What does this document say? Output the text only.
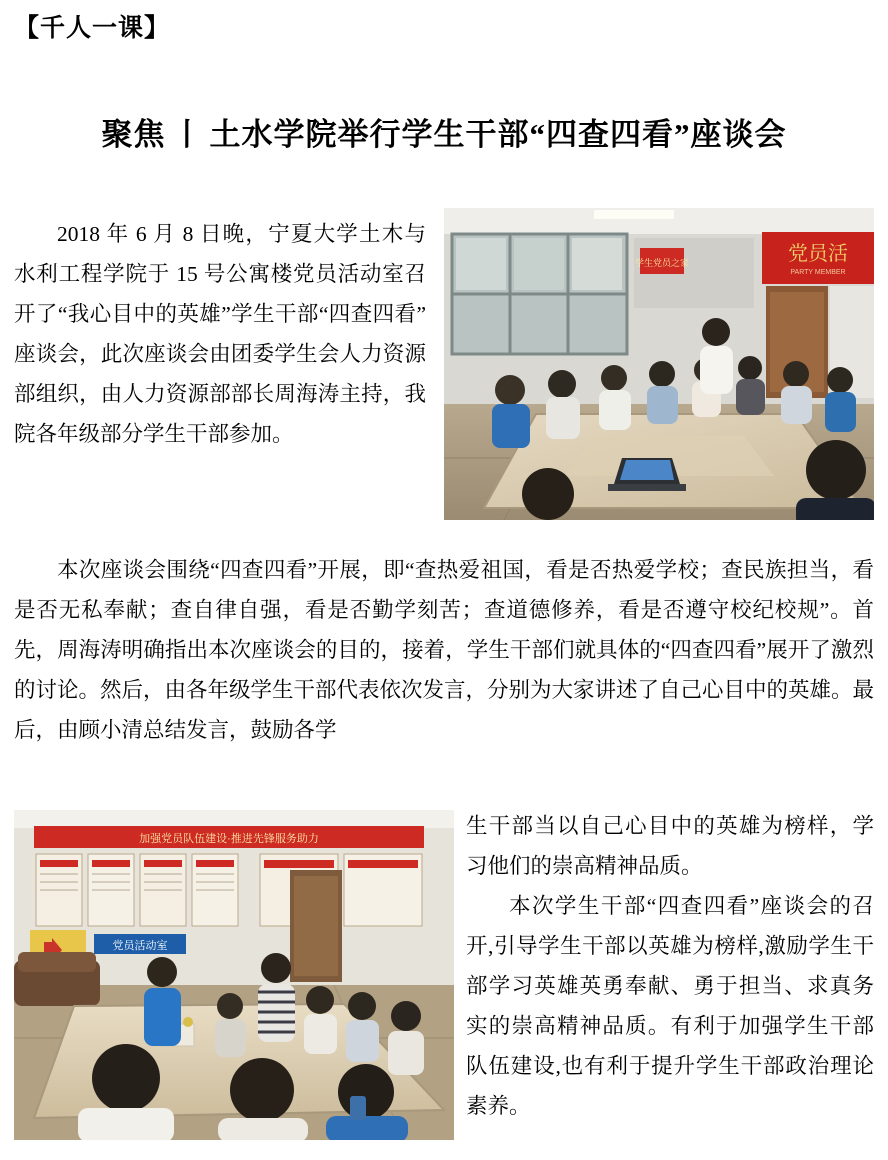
【千人一课】
聚焦 丨 土水学院举行学生干部“四查四看”座谈会
学生党员之家	党员活
PARTY MEMBER
加强党员队伍建设·推进先锋服务助力
党员活动室

2018 年 6 月 8 日晚，宁夏大学土木与水利工程学院于 15 号公寓楼党员活动室召开了“我心目中的英雄”学生干部“四查四看”座谈会，此次座谈会由团委学生会人力资源部组织，由人力资源部部长周海涛主持，我院各年级部分学生干部参加。

本次座谈会围绕“四查四看”开展，即“查热爱祖国，看是否热爱学校；查民族担当，看是否无私奉献；查自律自强，看是否勤学刻苦；查道德修养，看是否遵守校纪校规”。首先，周海涛明确指出本次座谈会的目的，接着，学生干部们就具体的“四查四看”展开了激烈的讨论。然后，由各年级学生干部代表依次发言，分别为大家讲述了自己心目中的英雄。最后，由顾小清总结发言，鼓励各学

生干部当以自己心目中的英雄为榜样，学习他们的崇高精神品质。

本次学生干部“四查四看”座谈会的召开,引导学生干部以英雄为榜样,激励学生干部学习英雄英勇奉献、勇于担当、求真务实的崇高精神品质。有利于加强学生干部队伍建设,也有利于提升学生干部政治理论素养。
